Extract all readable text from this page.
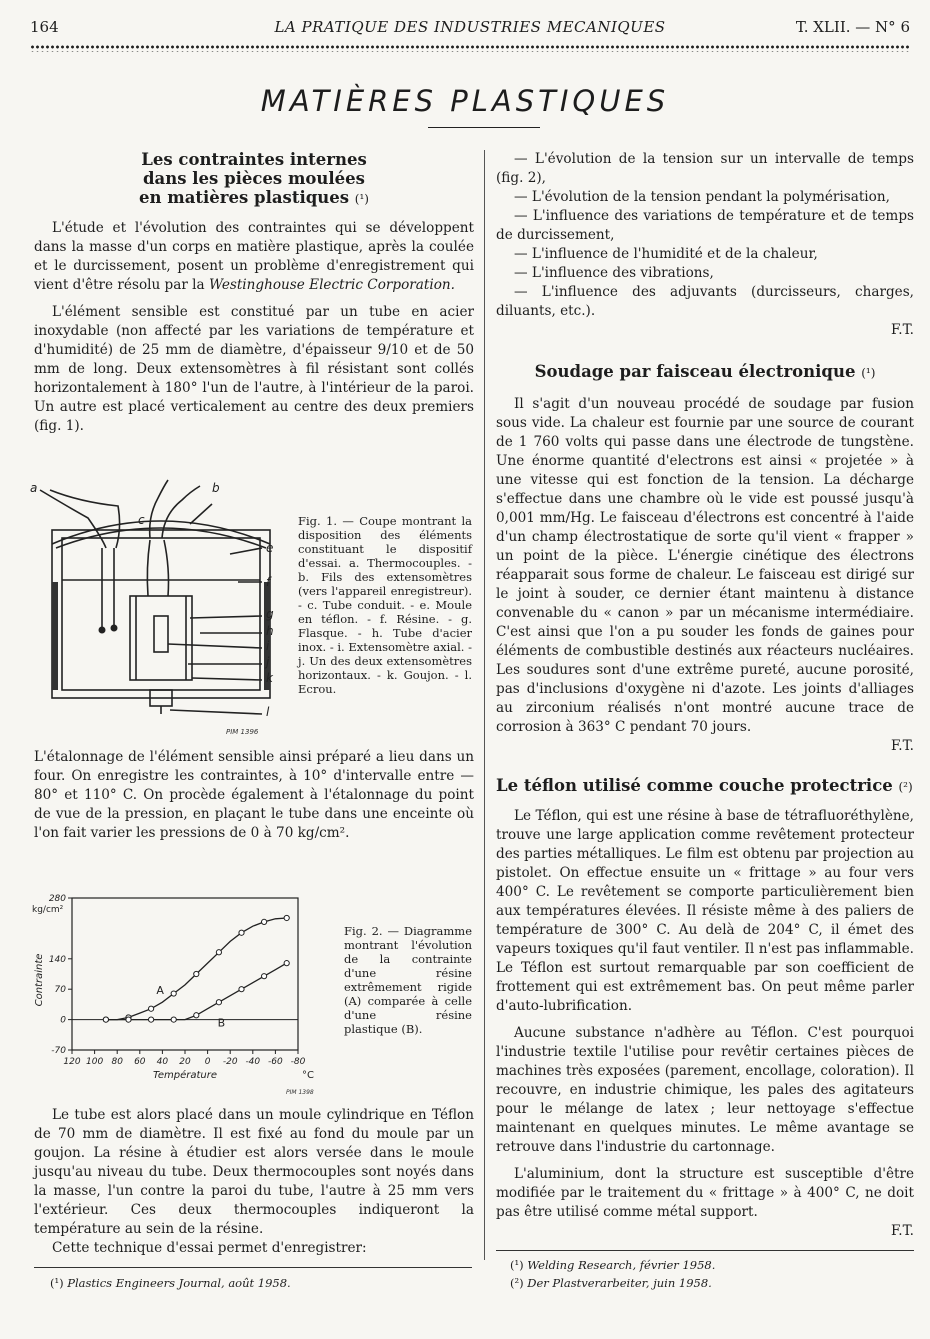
164	LA PRATIQUE DES INDUSTRIES MECANIQUES	T. XLII. — N° 6
MATIÈRES PLASTIQUES
Les contraintes internes
dans les pièces moulées
en matières plastiques (¹)

L'étude et l'évolution des contraintes qui se développent dans la masse d'un corps en matière plastique, après la coulée et le durcissement, posent un problème d'enregistrement qui vient d'être résolu par la Westinghouse Electric Corporation.

L'élément sensible est constitué par un tube en acier inoxydable (non affecté par les variations de température et d'humidité) de 25 mm de diamètre, d'épaisseur 9/10 et de 50 mm de long. Deux extensomètres à fil résistant sont collés horizontalement à 180° l'un de l'autre, à l'intérieur de la paroi. Un autre est placé verticalement au centre des deux premiers (fig. 1).

a	b
c
e
f
g
h
i
j
k
l
PIM 1396
Fig. 1. — Coupe montrant la disposition des éléments constituant le dispositif d'essai. a. Thermocouples. - b. Fils des extensomètres (vers l'appareil enregistreur). - c. Tube conduit. - e. Moule en téflon. - f. Résine. - g. Flasque. - h. Tube d'acier inox. - i. Extensomètre axial. - j. Un des deux extensomètres horizontaux. - k. Goujon. - l. Ecrou.

L'étalonnage de l'élément sensible ainsi préparé a lieu dans un four. On enregistre les contraintes, à 10° d'intervalle entre — 80° et 110° C. On procède également à l'étalonnage du point de vue de la pression, en plaçant le tube dans une enceinte où l'on fait varier les pressions de 0 à 70 kg/cm².

120 100 80 60 40 20 0 -20 -40 -60 -80
280
140
70
0
-70
Température	°C
kg/cm²
Contrainte	A
B
PIM 1398
Fig. 2. — Diagramme montrant l'évolution de la contrainte d'une résine extrêmement rigide (A) comparée à celle d'une résine plastique (B).

Le tube est alors placé dans un moule cylindrique en Téflon de 70 mm de diamètre. Il est fixé au fond du moule par un goujon. La résine à étudier est alors versée dans le moule jusqu'au niveau du tube. Deux thermocouples sont noyés dans la masse, l'un contre la paroi du tube, l'autre à 25 mm vers l'extérieur. Ces deux thermocouples indiqueront la température au sein de la résine.

Cette technique d'essai permet d'enregistrer:

(¹) Plastics Engineers Journal, août 1958.

— L'évolution de la tension sur un intervalle de temps (fig. 2),

— L'évolution de la tension pendant la polymérisation,

— L'influence des variations de température et de temps de durcissement,

— L'influence de l'humidité et de la chaleur,

— L'influence des vibrations,

— L'influence des adjuvants (durcisseurs, charges, diluants, etc.).

F.T.
Soudage par faisceau électronique (¹)

Il s'agit d'un nouveau procédé de soudage par fusion sous vide. La chaleur est fournie par une source de courant de 1 760 volts qui passe dans une électrode de tungstène. Une énorme quantité d'electrons est ainsi « projetée » à une vitesse qui est fonction de la tension. La décharge s'effectue dans une chambre où le vide est poussé jusqu'à 0,001 mm/Hg. Le faisceau d'électrons est concentré à l'aide d'un champ électrostatique de sorte qu'il vient « frapper » un point de la pièce. L'énergie cinétique des électrons réapparait sous forme de chaleur. Le faisceau est dirigé sur le joint à souder, ce dernier étant maintenu à distance convenable du « canon » par un mécanisme intermédiaire. C'est ainsi que l'on a pu souder les fonds de gaines pour éléments de combustible destinés aux réacteurs nucléaires. Les soudures sont d'une extrême pureté, aucune porosité, pas d'inclusions d'oxygène ni d'azote. Les joints d'alliages au zirconium réalisés n'ont montré aucune trace de corrosion à 363° C pendant 70 jours.

F.T.
Le téflon utilisé comme couche protectrice (²)

Le Téflon, qui est une résine à base de tétrafluoréthylène, trouve une large application comme revêtement protecteur des parties métalliques. Le film est obtenu par projection au pistolet. On effectue ensuite un « frittage » au four vers 400° C. Le revêtement se comporte particulièrement bien aux températures élevées. Il résiste même à des paliers de température de 300° C. Au delà de 204° C, il émet des vapeurs toxiques qu'il faut ventiler. Il n'est pas inflammable. Le Téflon est surtout remarquable par son coefficient de frottement qui est extrêmement bas. On peut même parler d'auto-lubrification.

Aucune substance n'adhère au Téflon. C'est pourquoi l'industrie textile l'utilise pour revêtir certaines pièces de machines très exposées (parement, encollage, coloration). Il recouvre, en industrie chimique, les pales des agitateurs pour le mélange de latex ; leur nettoyage s'effectue maintenant en quelques minutes. Le même avantage se retrouve dans l'industrie du cartonnage.

L'aluminium, dont la structure est susceptible d'être modifiée par le traitement du « frittage » à 400° C, ne doit pas être utilisé comme métal support.

F.T.
(¹) Welding Research, février 1958.
(²) Der Plastverarbeiter, juin 1958.
